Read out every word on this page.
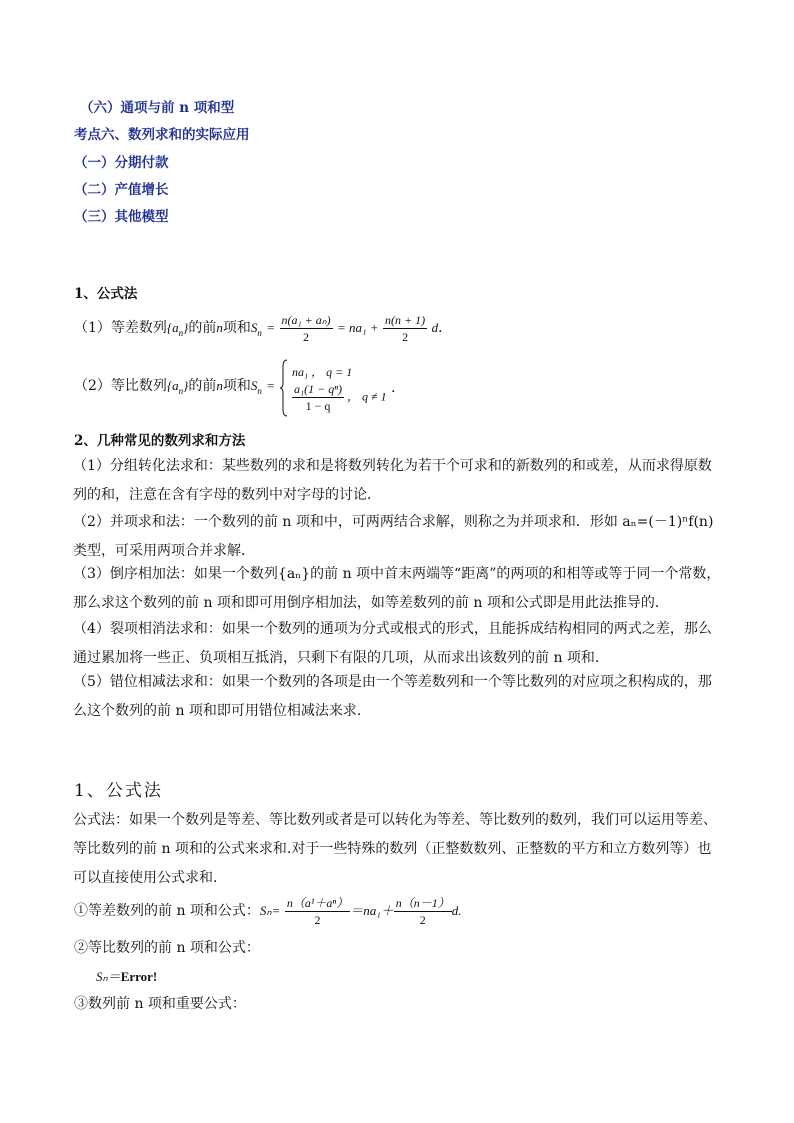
（六）通项与前 n 项和型
考点六、数列求和的实际应用
（一）分期付款
（二）产值增长
（三）其他模型
1、公式法
（1）等差数列$\{a_n\}$的前n项和$S_n = \frac{\text{n(a₁ + aₙ)}}{2} = na_1 + \frac{n(n + 1)}{2}$ d．
（2）等比数列$\{a_n\}$的前n项和$S_n$ =
na₁ ， q = 1
$\frac{\text{a₁(1 − qⁿ)}}{1 - q}$ ， q ≠ 1
．
2、几种常见的数列求和方法
（1）分组转化法求和：某些数列的求和是将数列转化为若干个可求和的新数列的和或差，从而求得原数列的和，注意在含有字母的数列中对字母的讨论．
（2）并项求和法：一个数列的前 n 项和中，可两两结合求解，则称之为并项求和．形如 aₙ=(－1)ⁿf(n)类型，可采用两项合并求解．
（3）倒序相加法：如果一个数列{aₙ}的前 n 项中首末两端等“距离”的两项的和相等或等于同一个常数，那么求这个数列的前 n 项和即可用倒序相加法，如等差数列的前 n 项和公式即是用此法推导的．
（4）裂项相消法求和：如果一个数列的通项为分式或根式的形式，且能拆成结构相同的两式之差，那么通过累加将一些正、负项相互抵消，只剩下有限的几项，从而求出该数列的前 n 项和．
（5）错位相减法求和：如果一个数列的各项是由一个等差数列和一个等比数列的对应项之积构成的，那么这个数列的前 n 项和即可用错位相减法来求.
1、公式法
公式法：如果一个数列是等差、等比数列或者是可以转化为等差、等比数列的数列，我们可以运用等差、等比数列的前 n 项和的公式来求和.对于一些特殊的数列（正整数数列、正整数的平方和立方数列等）也可以直接使用公式求和.
①等差数列的前 n 项和公式：$S_n= \frac{\text{n（a¹＋aⁿ）}}{2} =na_1+ \frac{n(n-1)}{2} d$.
②等比数列的前 n 项和公式：
Sₙ＝Error!
③数列前 n 项和重要公式：
